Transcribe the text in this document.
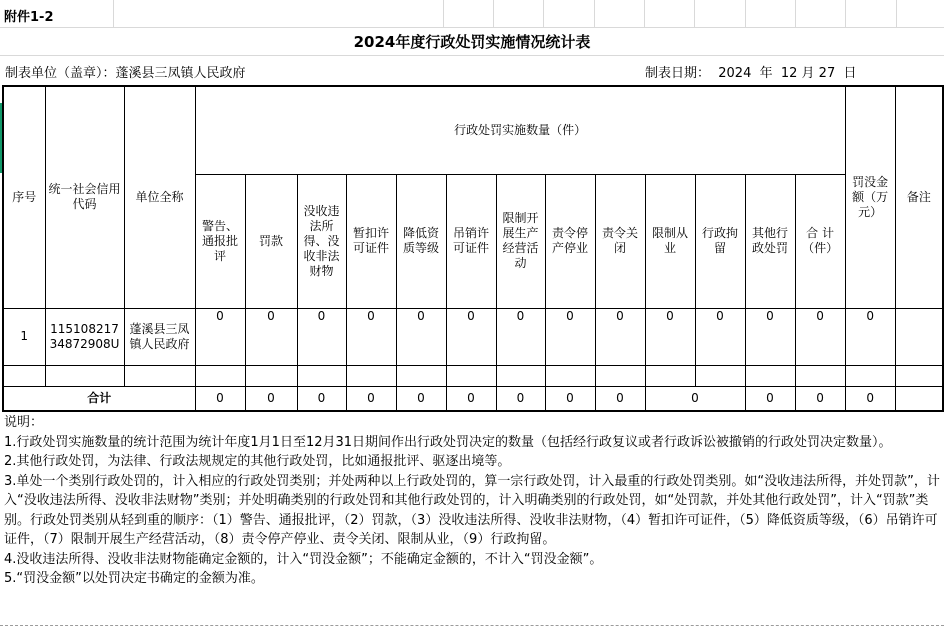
附件1-2
2024年度行政处罚实施情况统计表
制表单位（盖章）：蓬溪县三凤镇人民政府	制表日期：  2024  年  12 月 27  日
序号	统一社会信用代码	单位全称	行政处罚实施数量（件）													罚没金额（万元）	备注
			警告、通报批评	罚款	没收违法所得、没收非法财物	暂扣许可证件	降低资质等级	吊销许可证件	限制开展生产经营活动	责令停产停业	责令关闭	限制从业	行政拘留	其他行政处罚	合 计（件）		
1	11510821734872908U	蓬溪县三凤镇人民政府	0	0	0	0	0	0	0	0	0	0	0	0	0	0	

合计			0	0	0	0	0	0	0	0	0	0		0	0	0	

说明：

1.行政处罚实施数量的统计范围为统计年度1月1日至12月31日期间作出行政处罚决定的数量（包括经行政复议或者行政诉讼被撤销的行政处罚决定数量）。

2.其他行政处罚，为法律、行政法规规定的其他行政处罚，比如通报批评、驱逐出境等。

3.单处一个类别行政处罚的，计入相应的行政处罚类别；并处两种以上行政处罚的，算一宗行政处罚，计入最重的行政处罚类别。如“没收违法所得，并处罚款”，计入“没收违法所得、没收非法财物”类别；并处明确类别的行政处罚和其他行政处罚的，计入明确类别的行政处罚，如“处罚款，并处其他行政处罚”，计入“罚款”类别。行政处罚类别从轻到重的顺序：（1）警告、通报批评，（2）罚款，（3）没收违法所得、没收非法财物，（4）暂扣许可证件，（5）降低资质等级，（6）吊销许可证件，（7）限制开展生产经营活动，（8）责令停产停业、责令关闭、限制从业，（9）行政拘留。

4.没收违法所得、没收非法财物能确定金额的，计入“罚没金额”；不能确定金额的，不计入“罚没金额”。

5.“罚没金额”以处罚决定书确定的金额为准。
